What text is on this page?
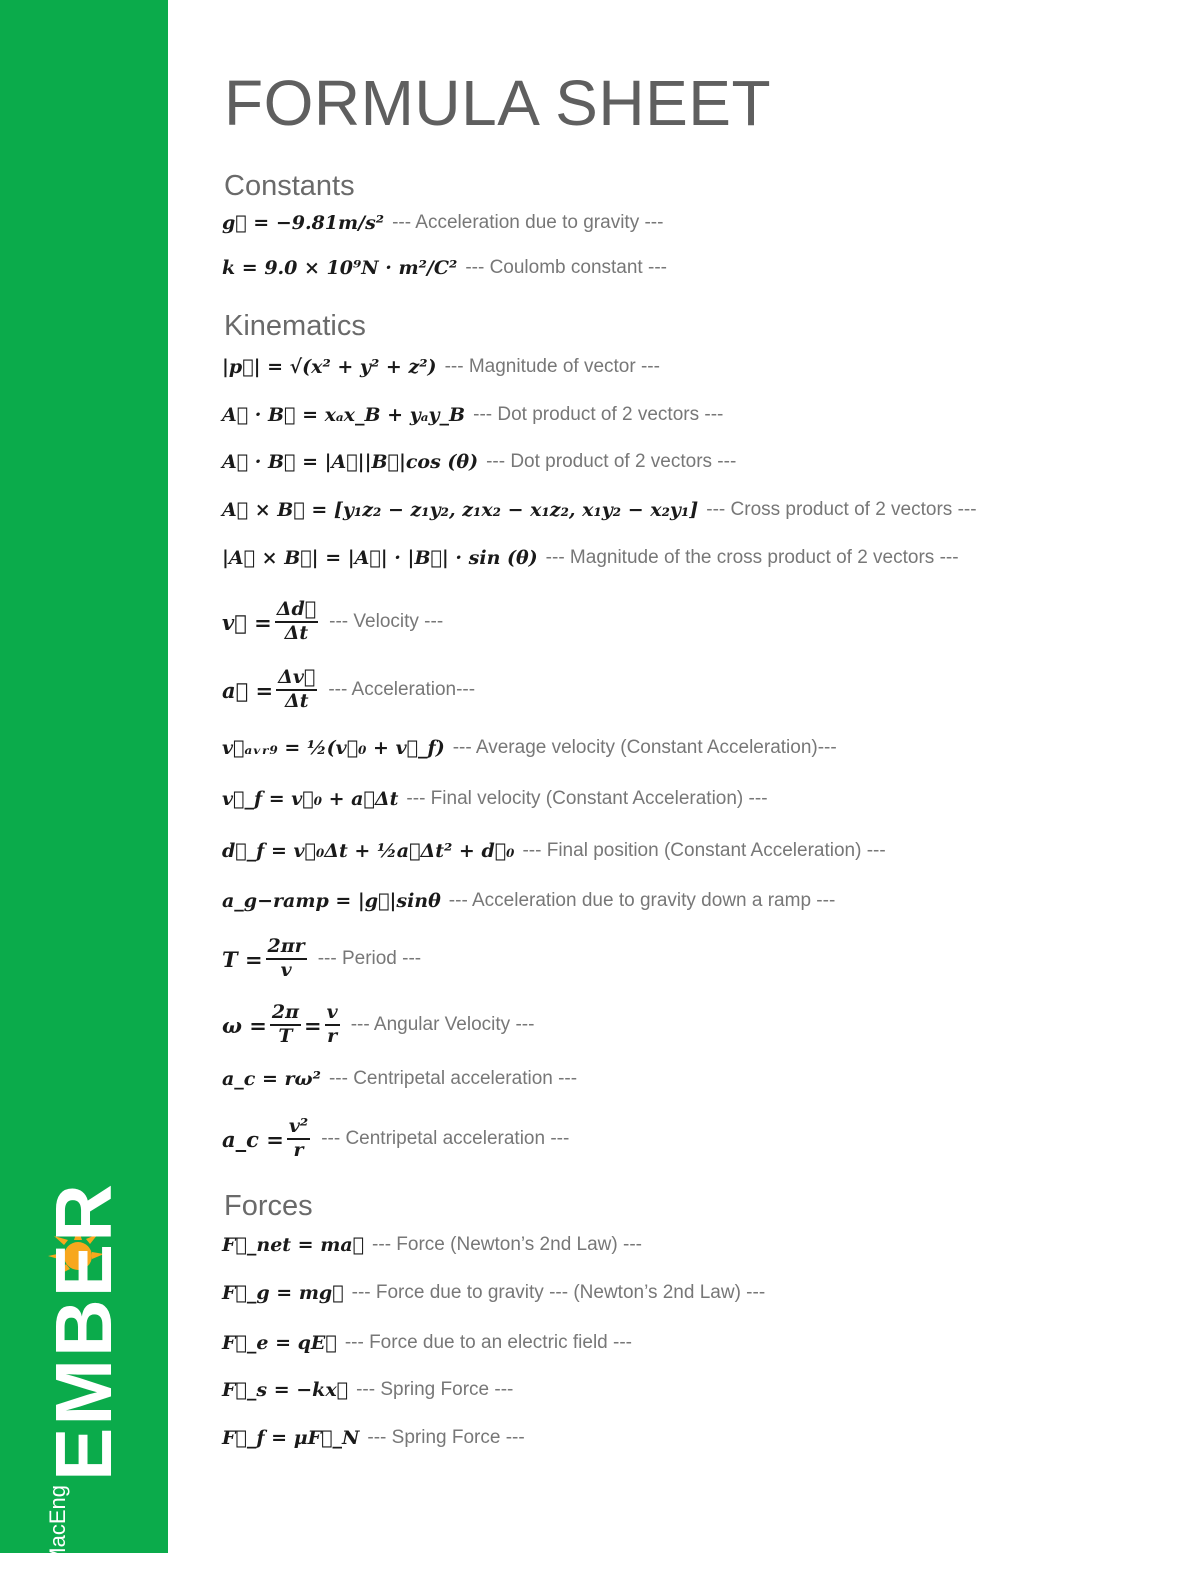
#MacEng
EMBER
FORMULA SHEET
Constants
g⃗ = −9.81m/s² --- Acceleration due to gravity ---
k = 9.0 × 10⁹N · m²/C² --- Coulomb constant ---
Kinematics
|p⃗| = √(x² + y² + z²) --- Magnitude of vector ---
A⃗ · B⃗ = xₐx_B + yₐy_B --- Dot product of 2 vectors ---
A⃗ · B⃗ = |A⃗||B⃗|cos (θ) --- Dot product of 2 vectors ---
A⃗ × B⃗ = [y₁z₂ − z₁y₂, z₁x₂ − x₁z₂, x₁y₂ − x₂y₁] --- Cross product of 2 vectors ---
|A⃗ × B⃗| = |A⃗| · |B⃗| · sin (θ) --- Magnitude of the cross product of 2 vectors ---
v⃗ = $\frac{\Delta d⃗}{\Delta t}$ --- Velocity ---
a⃗ = $\frac{\Delta v⃗}{\Delta t}$ --- Acceleration---
v⃗ₐᵥᵣ₉ = ½(v⃗₀ + v⃗_f) --- Average velocity (Constant Acceleration)---
v⃗_f = v⃗₀ + a⃗Δt --- Final velocity (Constant Acceleration) ---
d⃗_f = v⃗₀Δt + ½a⃗Δt² + d⃗₀ --- Final position (Constant Acceleration) ---
a_g−ramp = |g⃗|sinθ --- Acceleration due to gravity down a ramp ---
$T = \frac{2\pi r}{v}$ --- Period ---
$\omega = \frac{2\pi}{T} = \frac{v}{r}$ --- Angular Velocity ---
a_c = rω² --- Centripetal acceleration ---
a_c = $\frac{\text{v²}}{r}$ --- Centripetal acceleration ---
Forces
F⃗_net = ma⃗ --- Force (Newton’s 2nd Law) ---
F⃗_g = mg⃗ --- Force due to gravity --- (Newton’s 2nd Law) ---
F⃗_e = qE⃗ --- Force due to an electric field ---
F⃗_s = −kx⃗ --- Spring Force ---
F⃗_f = μF⃗_N --- Spring Force ---
